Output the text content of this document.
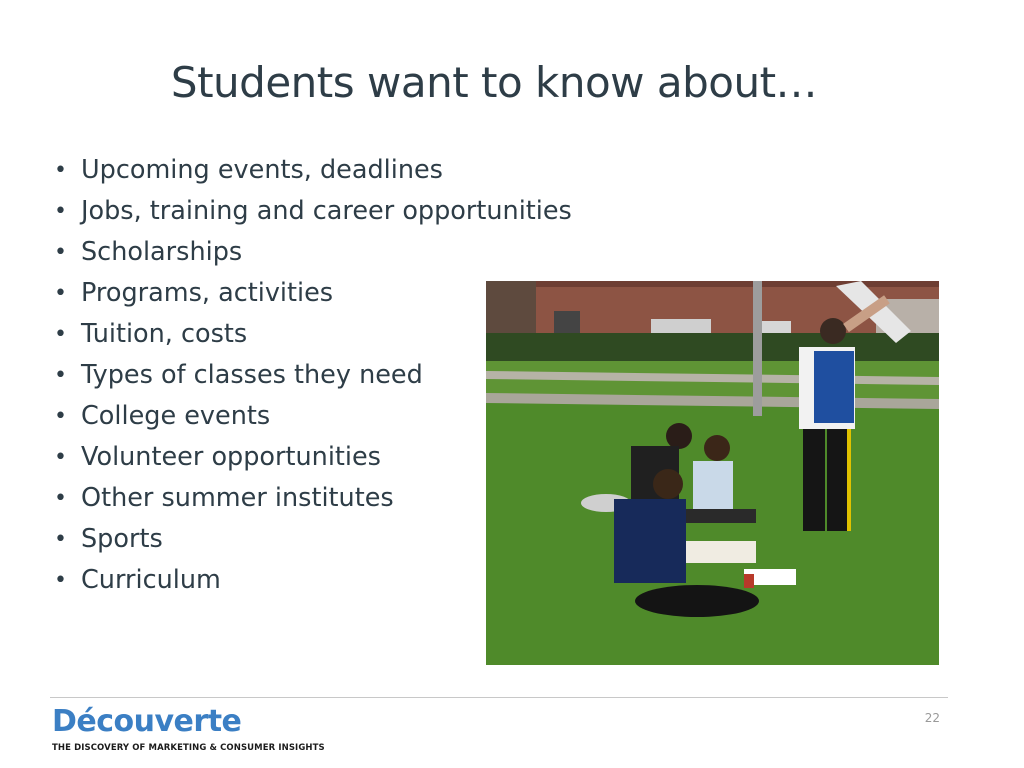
Students want to know about…
• Upcoming events, deadlines
• Jobs, training and career opportunities
• Scholarships
• Programs, activities
• Tuition, costs
• Types of classes they need
• College events
• Volunteer opportunities
• Other summer institutes
• Sports
• Curriculum
Découverte
THE DISCOVERY OF MARKETING & CONSUMER INSIGHTS
22
